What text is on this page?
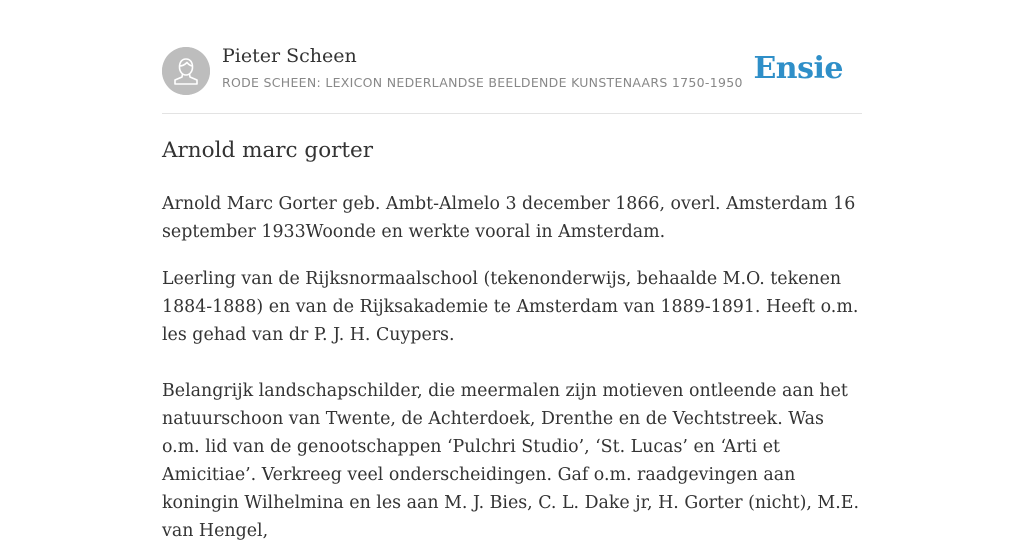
Pieter Scheen
RODE SCHEEN: LEXICON NEDERLANDSE BEELDENDE KUNSTENAARS 1750-1950 Ensie
Arnold marc gorter

Arnold Marc Gorter geb. Ambt-Almelo 3 december 1866, overl. Amsterdam 16 september 1933Woonde en werkte vooral in Amsterdam.

Leerling van de Rijksnormaalschool (tekenonderwijs, behaalde M.O. tekenen 1884-1888) en van de Rijksakademie te Amsterdam van 1889-1891. Heeft o.m. les gehad van dr P. J. H. Cuypers.

Belangrijk landschapschilder, die meermalen zijn motieven ontleende aan het natuurschoon van Twente, de Achterdoek, Drenthe en de Vechtstreek. Was o.m. lid van de genootschappen ‘Pulchri Studio’, ‘St. Lucas’ en ‘Arti et Amicitiae’. Verkreeg veel onderscheidingen. Gaf o.m. raadgevingen aan koningin Wilhelmina en les aan M. J. Bies, C. L. Dake jr, H. Gorter (nicht), M.E. van Hengel,
